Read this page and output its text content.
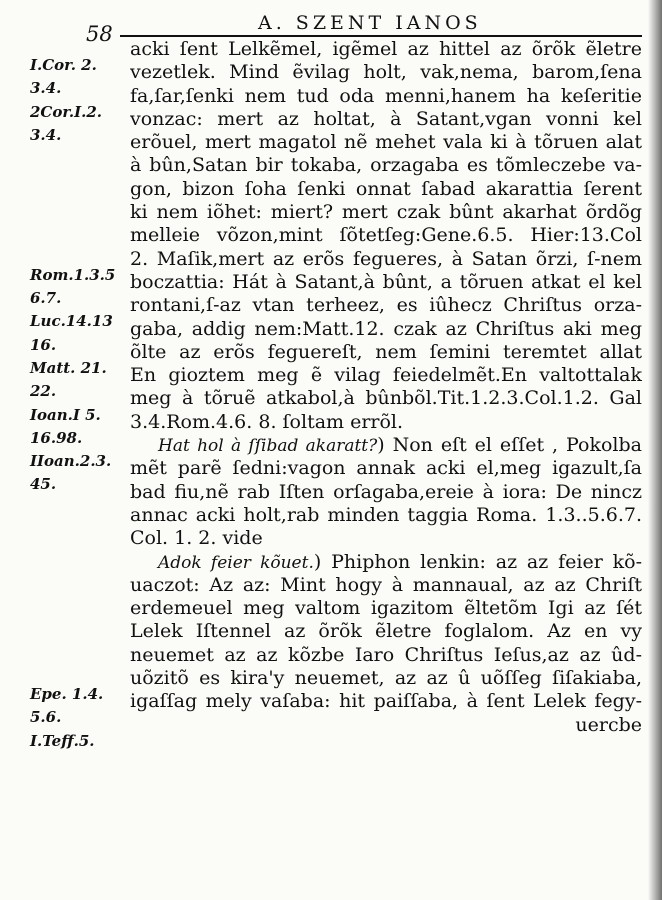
58	A. SZENT IANOS
I.Cor. 2.
3.4.
2Cor.I.2.
3.4.
Rom.1.3.5
6.7.
Luc.14.13
16.
Matt. 21.
22.
Ioan.I 5.
16.98.
IIoan.2.3.
45.
Epe. 1.4.
5.6.
I.Teff.5.
acki ſent Lelkẽmel, igẽmel az hittel az õrõk ẽletre
vezetlek. Mind ẽvilag holt, vak,nema, barom,ſena
fa,ſar,ſenki nem tud oda menni,hanem ha keſeritie
vonzac: mert az holtat, à Satant,vgan vonni kel
erõuel, mert magatol nẽ mehet vala ki à tõruen alat
à bûn,Satan bir tokaba, orzagaba es tõmleczebe va-
gon, bizon ſoha ſenki onnat ſabad akarattia ſerent
ki nem iõhet: miert? mert czak bûnt akarhat õrdõg
melleie võzon,mint ſõtetſeg:Gene.6.5. Hier:13.Col
2. Maſik,mert az erõs fegueres, à Satan õrzi, ſ-nem
boczattia: Hát à Satant,à bûnt, a tõruen atkat el kel
rontani,ſ-az vtan terheez, es iûhecz Chriſtus orza-
gaba, addig nem:Matt.12. czak az Chriſtus aki meg
õlte az erõs feguereſt, nem ſemini teremtet allat
En gioztem meg ẽ vilag feiedelmẽt.En valtottalak
meg à tõruẽ atkabol,à bûnbõl.Tit.1.2.3.Col.1.2. Gal
3.4.Rom.4.6. 8. ſoltam errõl.
Hat hol à ſſibad akaratt?) Non eſt el eſſet , Pokolba
mẽt parẽ ſedni:vagon annak acki el,meg igazult,ſa
bad fiu,nẽ rab Iſten orſagaba,ereie à iora: De nincz
annac acki holt,rab minden taggia Roma. 1.3..5.6.7.
Col. 1. 2. vide
Adok feier kõuet.) Phiphon lenkin: az az feier kõ-
uaczot: Az az: Mint hogy à mannaual, az az Chriſt
erdemeuel meg valtom igazitom ẽltetõm Igi az ſét
Lelek Iſtennel az õrõk ẽletre foglalom. Az en vy
neuemet az az kõzbe Iaro Chriſtus Ieſus,az az ûd-
uõzitõ es kira'y neuemet, az az û uõſſeg ſiſakiaba,
igaſſag mely vaſaba: hit paiſſaba, à ſent Lelek fegy-
uercbe
